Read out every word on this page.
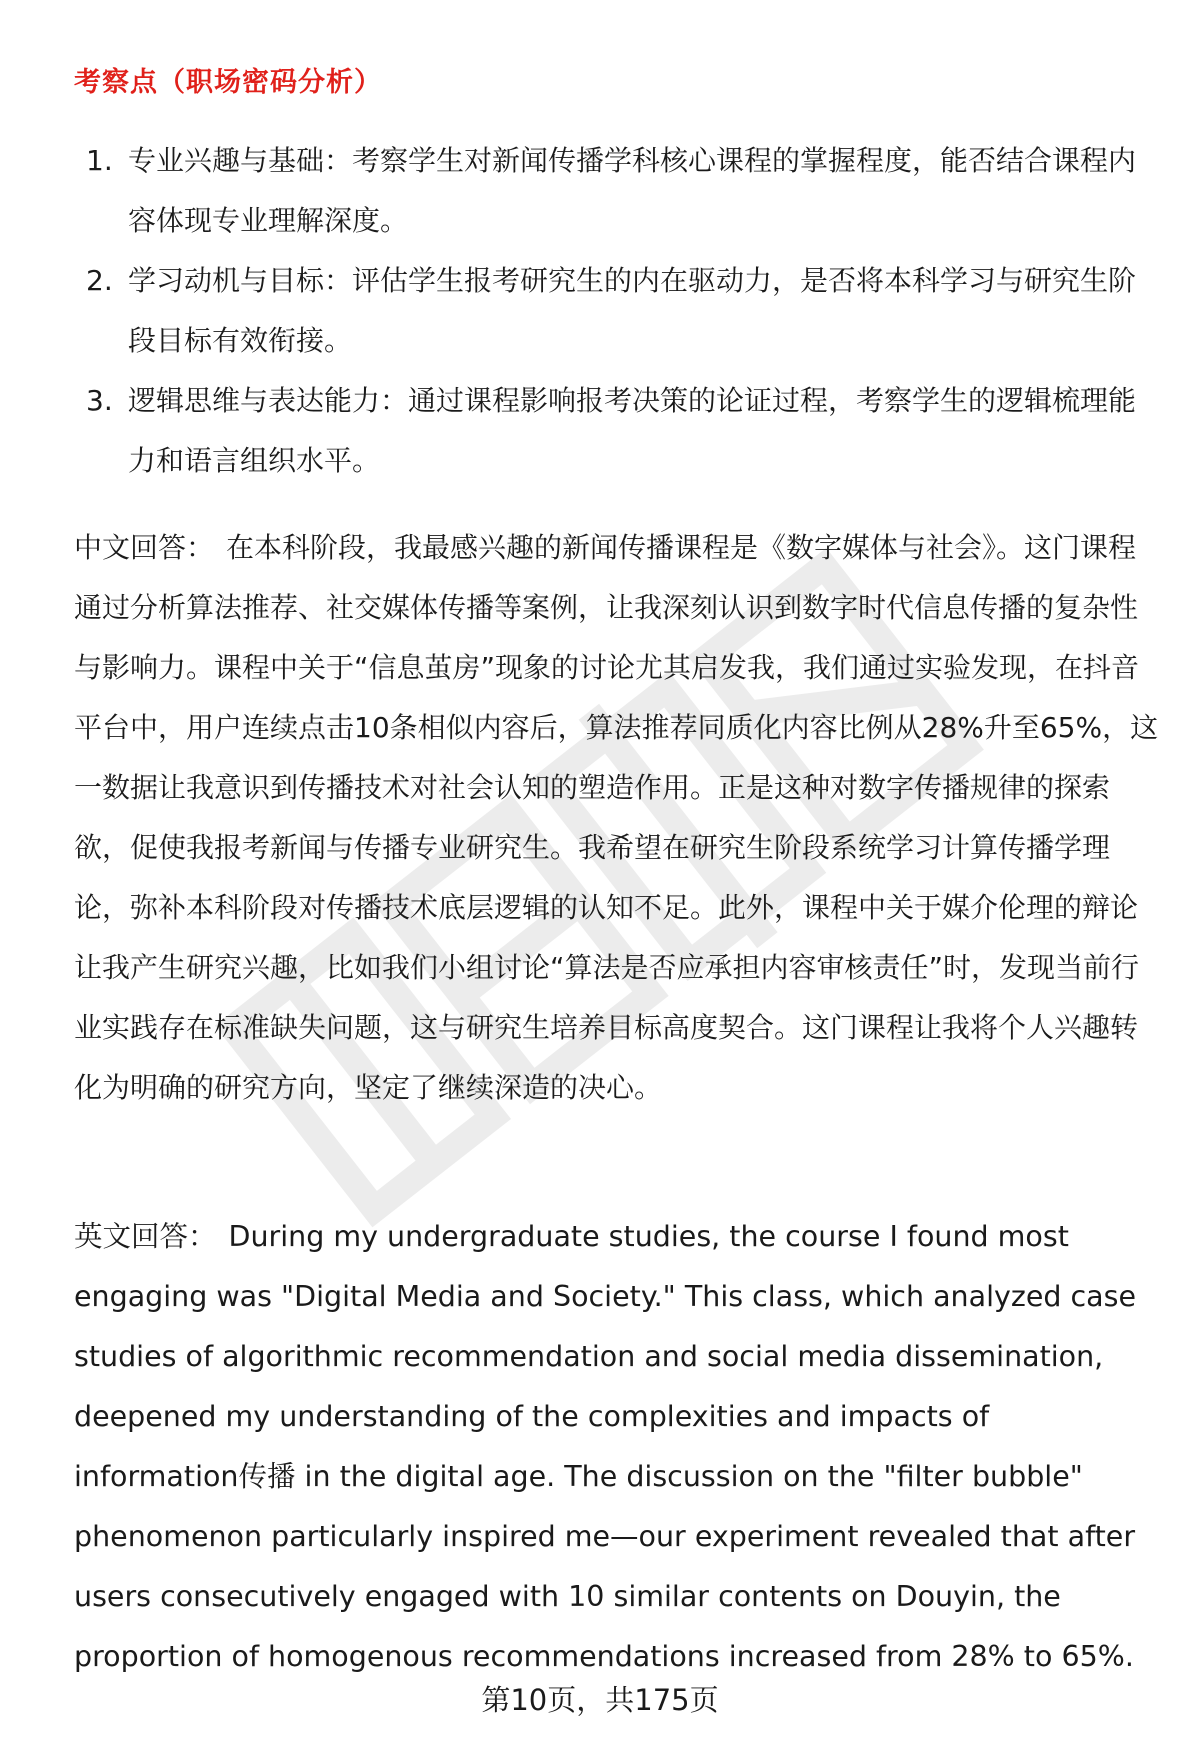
考察点（职场密码分析）
1. 专业兴趣与基础：考察学生对新闻传播学科核心课程的掌握程度，能否结合课程内容体现专业理解深度。
2. 学习动机与目标：评估学生报考研究生的内在驱动力，是否将本科学习与研究生阶段目标有效衔接。
3. 逻辑思维与表达能力：通过课程影响报考决策的论证过程，考察学生的逻辑梳理能力和语言组织水平。

中文回答： 在本科阶段，我最感兴趣的新闻传播课程是《数字媒体与社会》。这门课程通过分析算法推荐、社交媒体传播等案例，让我深刻认识到数字时代信息传播的复杂性与影响力。课程中关于“信息茧房”现象的讨论尤其启发我，我们通过实验发现，在抖音平台中，用户连续点击10条相似内容后，算法推荐同质化内容比例从28%升至65%，这一数据让我意识到传播技术对社会认知的塑造作用。正是这种对数字传播规律的探索欲，促使我报考新闻与传播专业研究生。我希望在研究生阶段系统学习计算传播学理论，弥补本科阶段对传播技术底层逻辑的认知不足。此外，课程中关于媒介伦理的辩论让我产生研究兴趣，比如我们小组讨论“算法是否应承担内容审核责任”时，发现当前行业实践存在标准缺失问题，这与研究生培养目标高度契合。这门课程让我将个人兴趣转化为明确的研究方向，坚定了继续深造的决心。

英文回答： During my undergraduate studies, the course I found most engaging was "Digital Media and Society." This class, which analyzed case studies of algorithmic recommendation and social media dissemination, deepened my understanding of the complexities and impacts of information传播 in the digital age. The discussion on the "filter bubble" phenomenon particularly inspired me—our experiment revealed that after users consecutively engaged with 10 similar contents on Douyin, the proportion of homogenous recommendations increased from 28% to 65%.

第10页，共175页
